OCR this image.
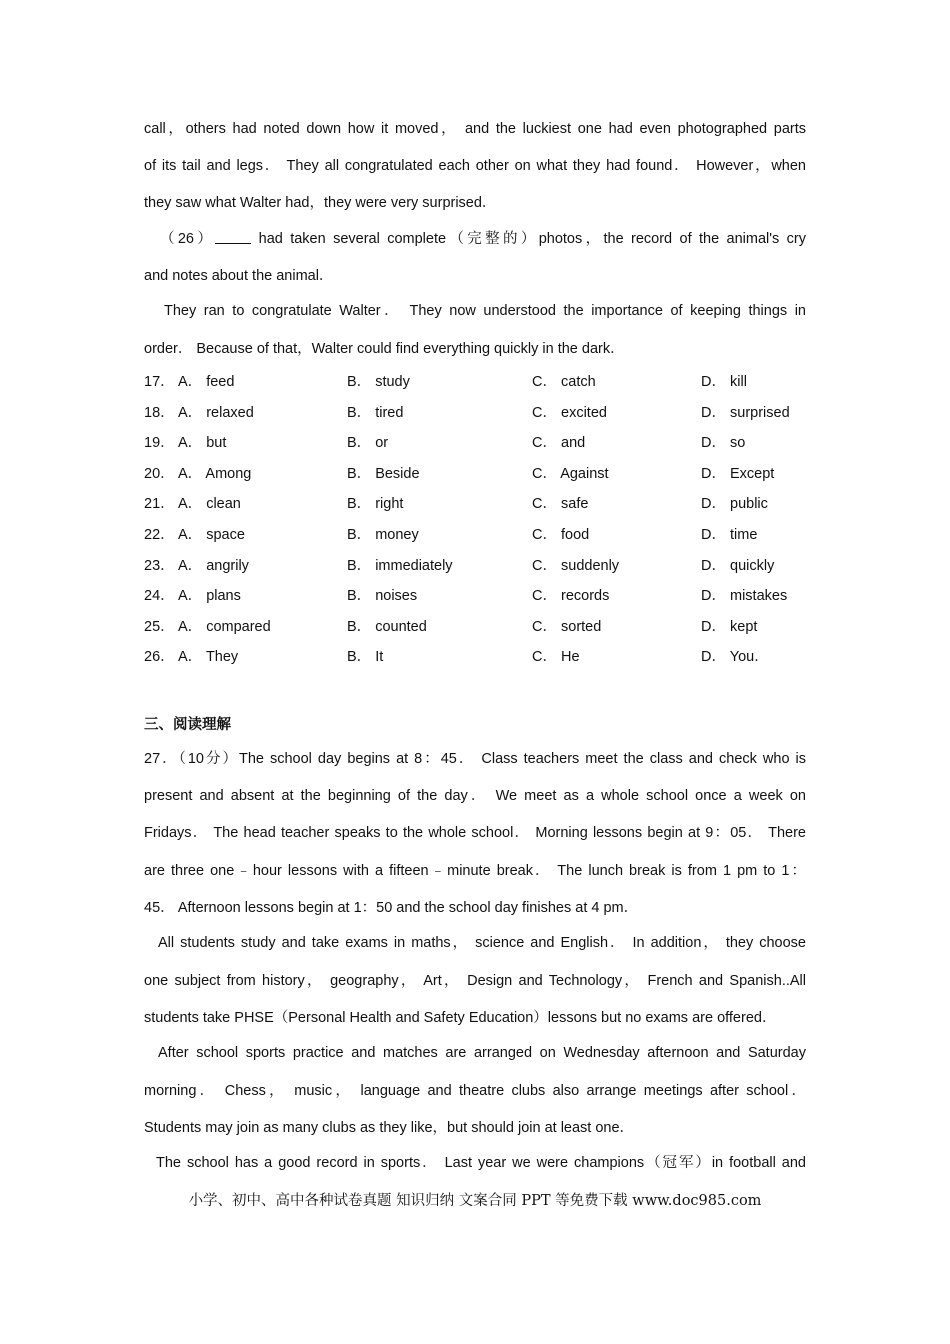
call，others had noted down how it moved， and the luckiest one had even photographed parts
of its tail and legs． They all congratulated each other on what they had found． However，when
they saw what Walter had，they were very surprised．
（26）	had taken several complete（完整的）photos，the record of the animal's cry
and notes about the animal．
They ran to congratulate Walter． They now understood the importance of keeping things in
order． Because of that，Walter could find everything quickly in the dark．
17． A． feed	B． study	C． catch	D． kill
18． A． relaxed	B． tired	C． excited	D． surprised
19． A． but	B． or	C． and	D． so
20． A． Among	B． Beside	C． Against	D． Except
21． A． clean	B． right	C． safe	D． public
22． A． space	B． money	C． food	D． time
23． A． angrily	B． immediately	C． suddenly	D． quickly
24． A． plans	B． noises	C． records	D． mistakes
25． A． compared	B． counted	C． sorted	D． kept
26． A． They	B． It	C． He	D． You．
三、阅读理解
27．（10分）The school day begins at 8：45． Class teachers meet the class and check who is
present and absent at the beginning of the day． We meet as a whole school once a week on
Fridays． The head teacher speaks to the whole school． Morning lessons begin at 9：05． There
are three one﹣hour lessons with a fifteen﹣minute break． The lunch break is from 1 pm to 1：
45． Afternoon lessons begin at 1：50 and the school day finishes at 4 pm．
All students study and take exams in maths， science and English． In addition， they choose
one subject from history， geography， Art， Design and Technology， French and Spanish..All
students take PHSE（Personal Health and Safety Education）lessons but no exams are offered．
After school sports practice and matches are arranged on Wednesday afternoon and Saturday
morning． Chess， music， language and theatre clubs also arrange meetings after school．
Students may join as many clubs as they like，but should join at least one．
The school has a good record in sports． Last year we were champions（冠军）in football and
小学、初中、高中各种试卷真题 知识归纳 文案合同 PPT 等免费下载 www.doc985.com
